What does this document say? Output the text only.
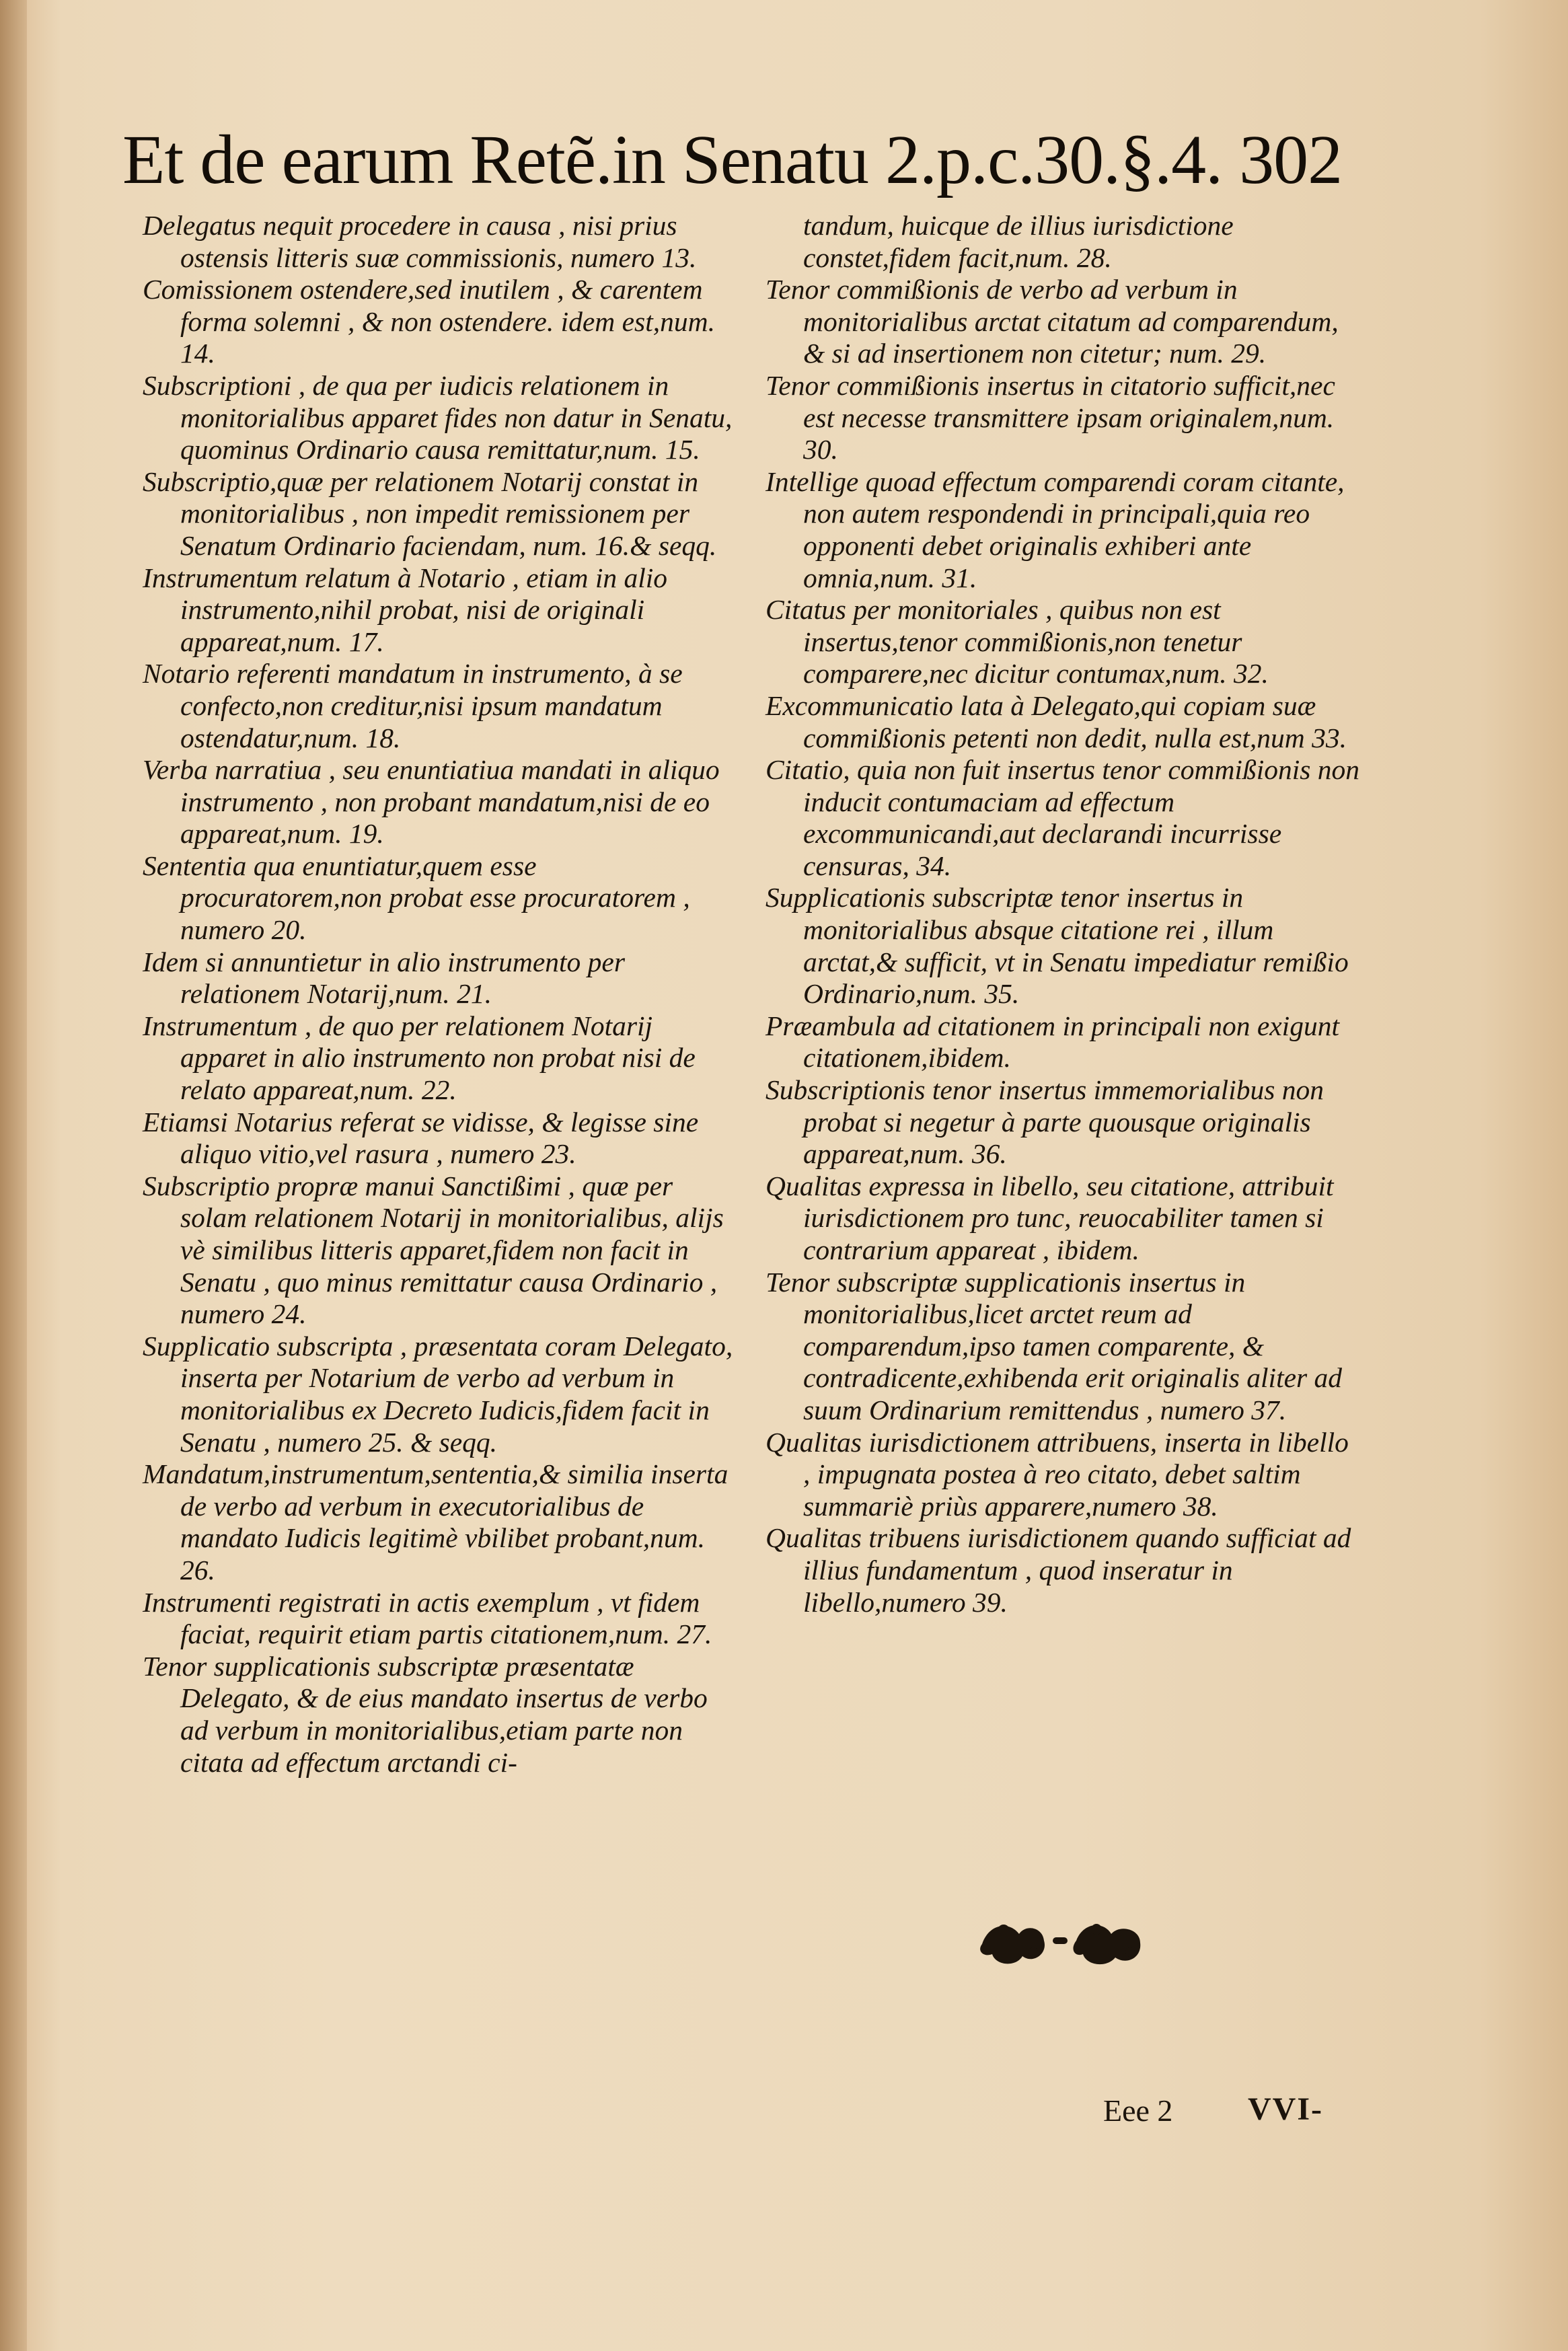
Et de earum Retẽ.in Senatu 2.p.c.30.§.4. 302
Delegatus nequit procedere in causa , nisi prius ostensis litteris suæ commissionis, numero 13.
Comissionem ostendere,sed inutilem , & carentem forma solemni , & non ostendere. idem est,num. 14.
Subscriptioni , de qua per iudicis relationem in monitorialibus apparet fides non datur in Senatu, quominus Ordinario causa remittatur,num. 15.
Subscriptio,quæ per relationem Notarij constat in monitorialibus , non impedit remissionem per Senatum Ordinario faciendam, num. 16.& seqq.
Instrumentum relatum à Notario , etiam in alio instrumento,nihil probat, nisi de originali appareat,num. 17.
Notario referenti mandatum in instrumento, à se confecto,non creditur,nisi ipsum mandatum ostendatur,num. 18.
Verba narratiua , seu enuntiatiua mandati in aliquo instrumento , non probant mandatum,nisi de eo appareat,num. 19.
Sententia qua enuntiatur,quem esse procuratorem,non probat esse procuratorem , numero 20.
Idem si annuntietur in alio instrumento per relationem Notarij,num. 21.
Instrumentum , de quo per relationem Notarij apparet in alio instrumento non probat nisi de relato appareat,num. 22.
Etiamsi Notarius referat se vidisse, & legisse sine aliquo vitio,vel rasura , numero 23.
Subscriptio propræ manui Sanctißimi , quæ per solam relationem Notarij in monitorialibus, alijs vè similibus litteris apparet,fidem non facit in Senatu , quo minus remittatur causa Ordinario , numero 24.
Supplicatio subscripta , præsentata coram Delegato, inserta per Notarium de verbo ad verbum in monitorialibus ex Decreto Iudicis,fidem facit in Senatu , numero 25. & seqq.
Mandatum,instrumentum,sententia,& similia inserta de verbo ad verbum in executorialibus de mandato Iudicis legitimè vbilibet probant,num. 26.
Instrumenti registrati in actis exemplum , vt fidem faciat, requirit etiam partis citationem,num. 27.
Tenor supplicationis subscriptæ præsentatæ Delegato, & de eius mandato insertus de verbo ad verbum in monitorialibus,etiam parte non citata ad effectum arctandi ci-
tandum, huicque de illius iurisdictione constet,fidem facit,num. 28.
Tenor commißionis de verbo ad verbum in monitorialibus arctat citatum ad comparendum, & si ad insertionem non citetur; num. 29.
Tenor commißionis insertus in citatorio sufficit,nec est necesse transmittere ipsam originalem,num. 30.
Intellige quoad effectum comparendi coram citante, non autem respondendi in principali,quia reo opponenti debet originalis exhiberi ante omnia,num. 31.
Citatus per monitoriales , quibus non est insertus,tenor commißionis,non tenetur comparere,nec dicitur contumax,num. 32.
Excommunicatio lata à Delegato,qui copiam suæ commißionis petenti non dedit, nulla est,num 33.
Citatio, quia non fuit insertus tenor commißionis non inducit contumaciam ad effectum excommunicandi,aut declarandi incurrisse censuras, 34.
Supplicationis subscriptæ tenor insertus in monitorialibus absque citatione rei , illum arctat,& sufficit, vt in Senatu impediatur remißio Ordinario,num. 35.
Præambula ad citationem in principali non exigunt citationem,ibidem.
Subscriptionis tenor insertus immemorialibus non probat si negetur à parte quousque originalis appareat,num. 36.
Qualitas expressa in libello, seu citatione, attribuit iurisdictionem pro tunc, reuocabiliter tamen si contrarium appareat , ibidem.
Tenor subscriptæ supplicationis insertus in monitorialibus,licet arctet reum ad comparendum,ipso tamen comparente, & contradicente,exhibenda erit originalis aliter ad suum Ordinarium remittendus , numero 37.
Qualitas iurisdictionem attribuens, inserta in libello , impugnata postea à reo citato, debet saltim summariè priùs apparere,numero 38.
Qualitas tribuens iurisdictionem quando sufficiat ad illius fundamentum , quod inseratur in libello,numero 39.
Eee 2 VVI-
